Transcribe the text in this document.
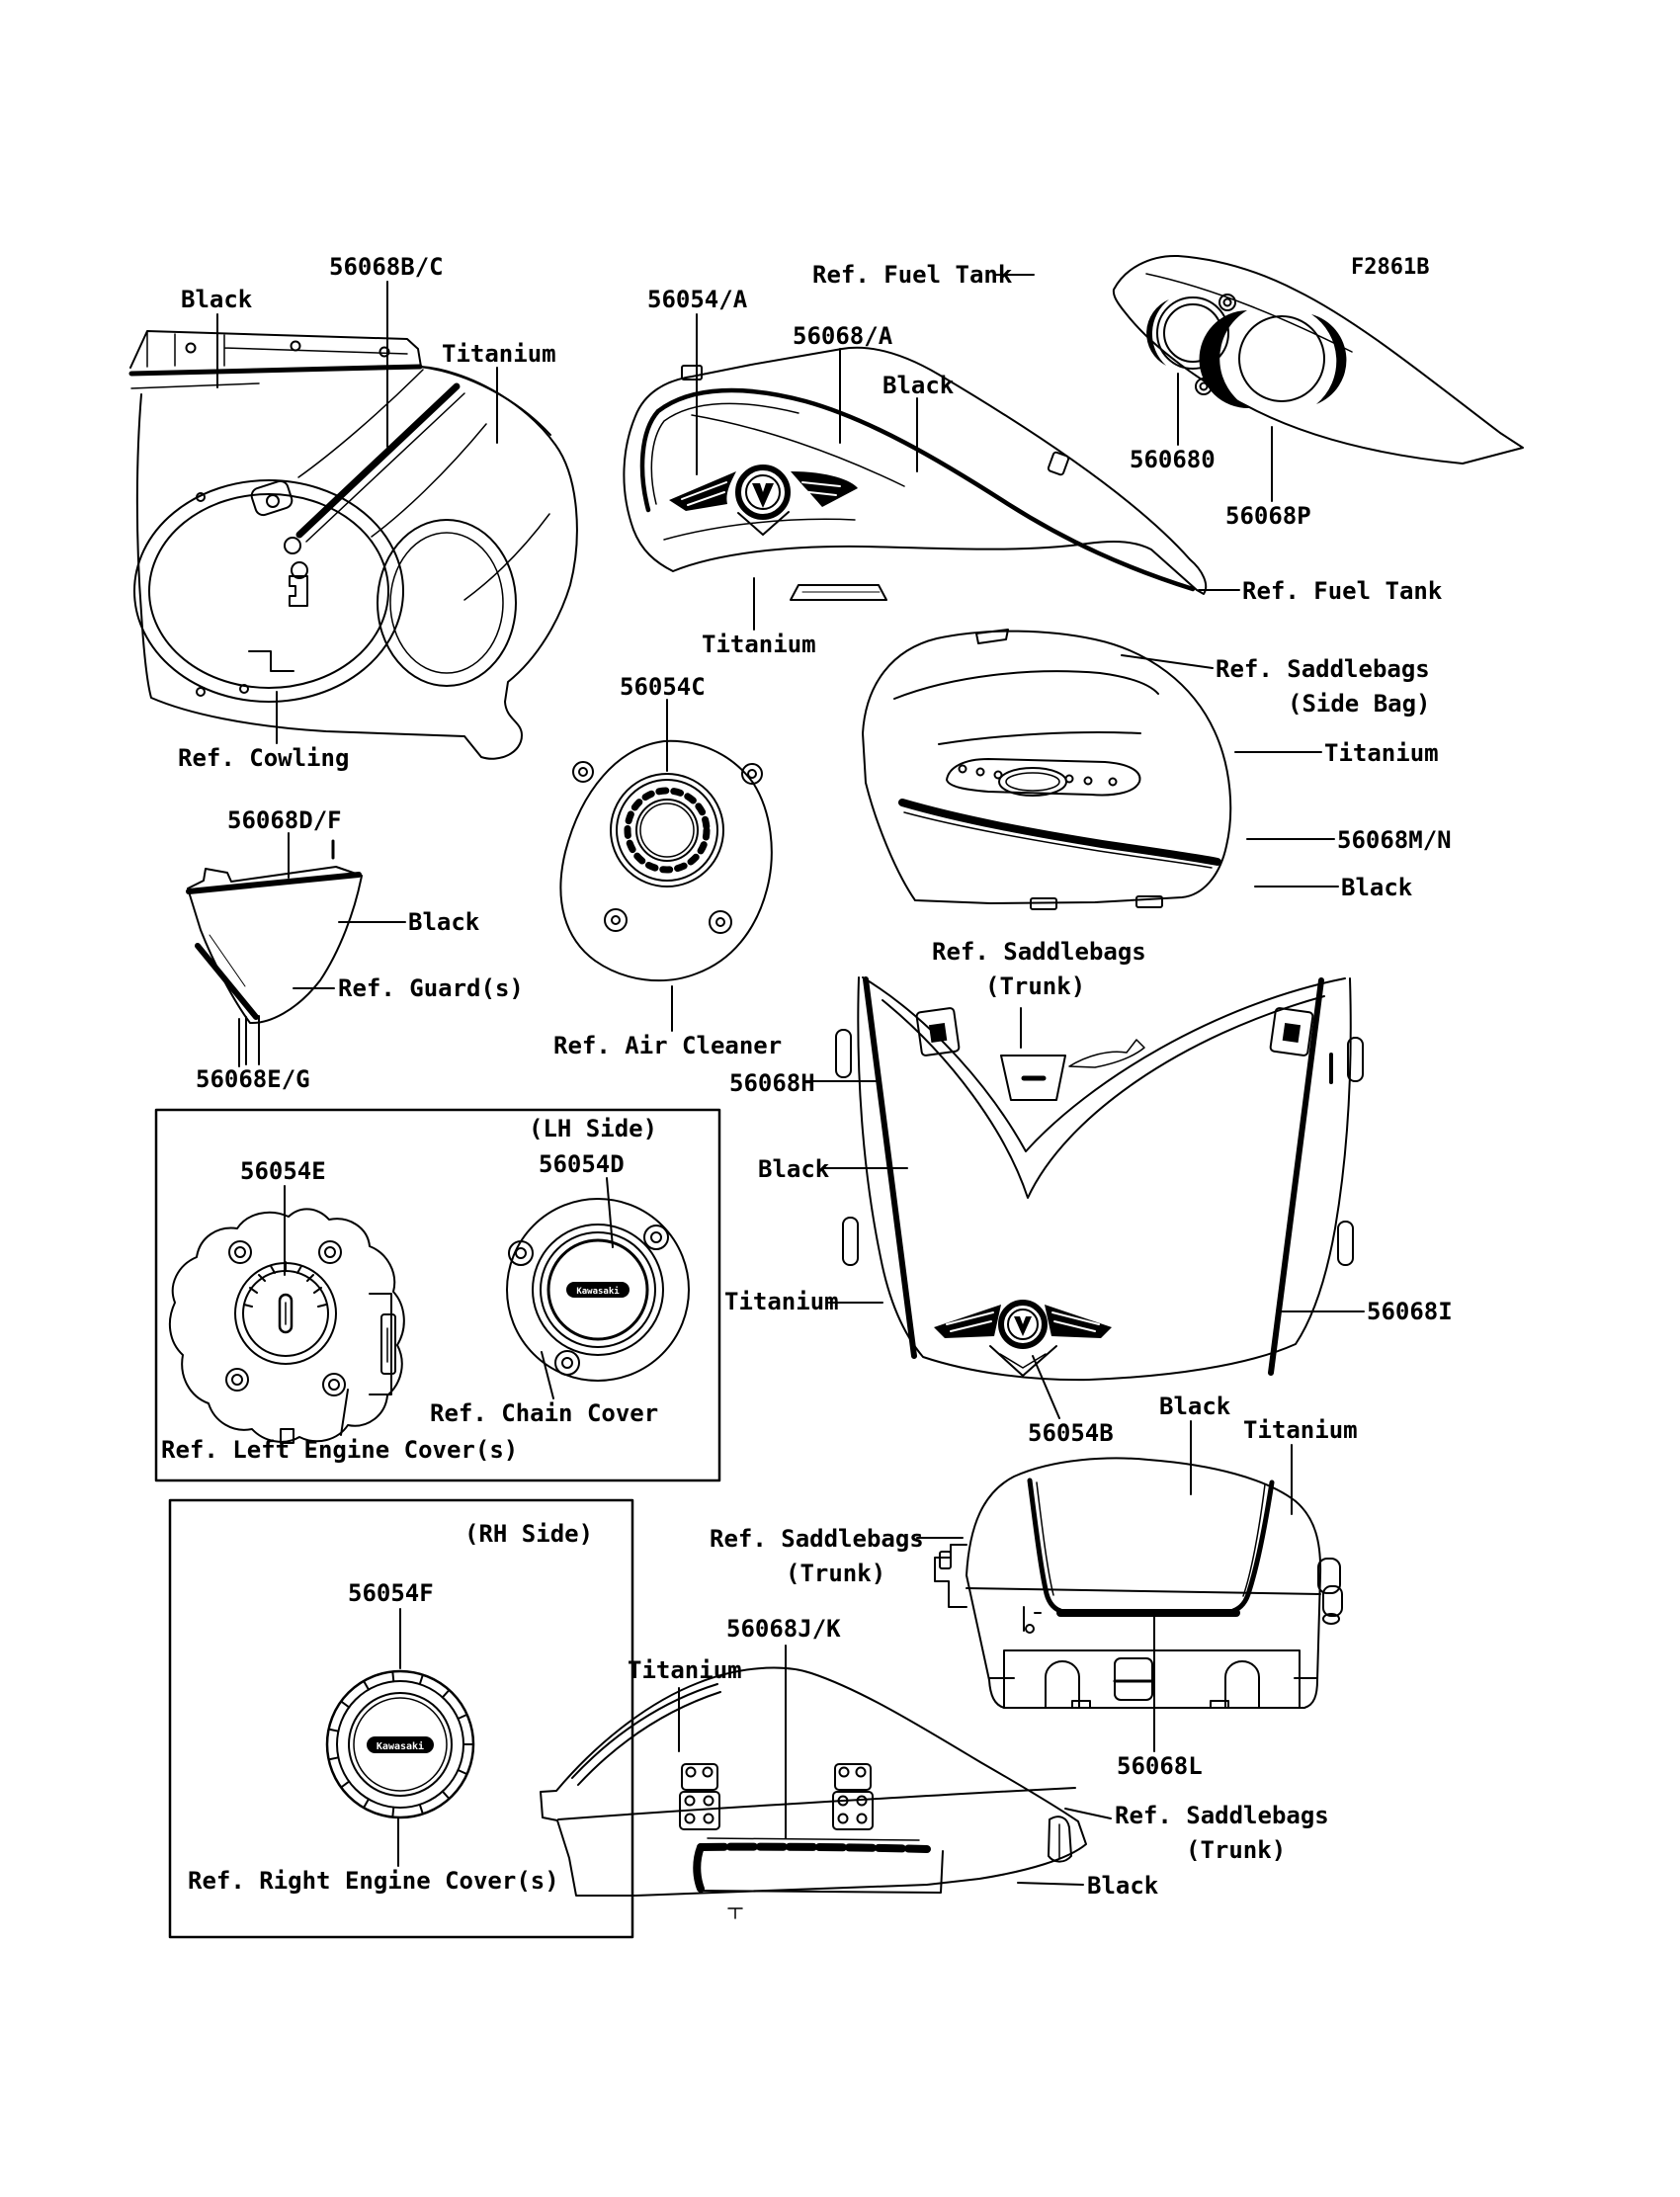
Kawasaki
Kawasaki
Black
56068B/C
Titanium
Ref. Cowling
56068D/F
Black
Ref. Guard(s)
56068E/G
56054/A
56068/A
Black
Ref. Fuel Tank
Titanium
560680
56068P
Ref. Fuel Tank
F2861B
56054C
Ref. Air Cleaner
Ref. Saddlebags
(Side Bag)
Titanium
56068M/N
Black
Ref. Saddlebags
(Trunk)
56068H
Black
Titanium	56068I
56054B
Black
Titanium
Ref. Saddlebags
(Trunk)
56068L
Ref. Saddlebags
(Trunk)
56068J/K
Titanium
Black
(LH Side)
56054E	56054D
Ref. Chain Cover
Ref. Left Engine Cover(s)
(RH Side)
56054F
Ref. Right Engine Cover(s)
